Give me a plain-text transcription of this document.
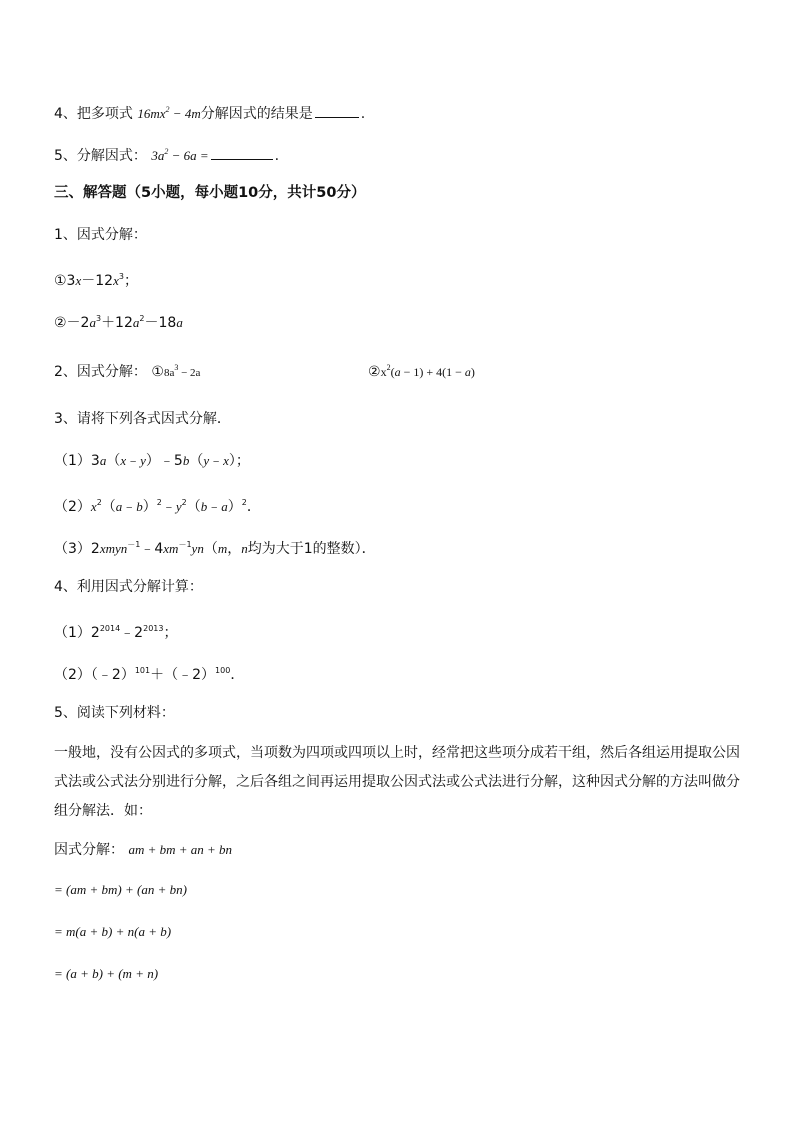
4、把多项式 $16mx^2 - 4m$分解因式的结果是	.
5、分解因式： $3a^2 - 6a$ =	.
三、解答题（5小题，每小题10分，共计50分）
1、因式分解：
$①3x-12x^3$；
$②-2a^3+12a^2-18a$
2、因式分解： $①8a^3 - 2a$	$②x^2(a - 1) + 4(1 - a)$
3、请将下列各式因式分解．
（1）3a（x﹣y）﹣5b（y﹣x）；
$(2)x^2(a﹣b)^2﹣y^2(b﹣a)^2$．
$(3)2xmyn^{-1}﹣4xm^{-1}yn(m$，n均为大于1的整数）．
4、利用因式分解计算：
$(1)2^{2014}﹣2^{2013}$；
（2）（﹣2）$^{101}$＋（﹣2）$^{100}$．
5、阅读下列材料：
一般地，没有公因式的多项式，当项数为四项或四项以上时，经常把这些项分成若干组，然后各组运用提取公因式法或公式法分别进行分解，之后各组之间再运用提取公因式法或公式法进行分解，这种因式分解的方法叫做分组分解法．如：
因式分解： am + bm + an + bn
= (am + bm) + (an + bn)
= m(a + b) + n(a + b)
= (a + b) + (m + n)
